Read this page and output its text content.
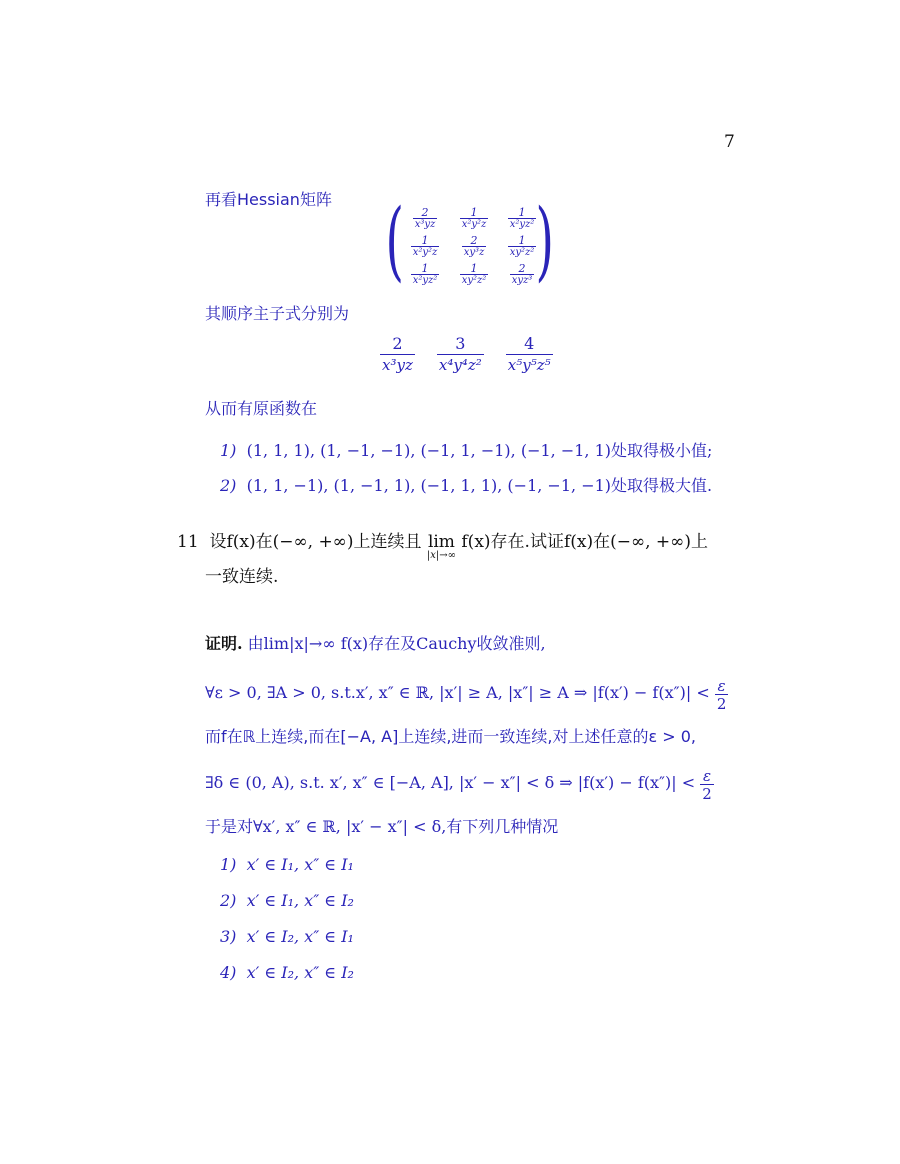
7
再看Hessian矩阵 (
$\frac{2}{\text{x³yz}} \frac{1}{\text{x²y²z}} \frac{1}{\text{x²yz²}}$
$\frac{1}{\text{x²y²z}} \frac{2}{\text{xy³z}} \frac{1}{\text{xy²z²}}$
$\frac{1}{\text{x²yz²}} \frac{1}{\text{xy²z²}} \frac{2}{\text{xyz³}}$
)
其顺序主子式分别为
$\frac{2}{\text{x³yz}} \frac{3}{\text{x⁴y⁴z²}} \frac{4}{\text{x⁵y⁵z⁵}}$
从而有原函数在
1) (1, 1, 1), (1, −1, −1), (−1, 1, −1), (−1, −1, 1)处取得极小值;
2) (1, 1, −1), (1, −1, 1), (−1, 1, 1), (−1, −1, −1)处取得极大值.
11 设f(x)在(−∞, +∞)上连续且 lim
|x|→∞
f(x)存在.试证f(x)在(−∞, +∞)上
一致连续.
证明. 由lim|x|→∞ f(x)存在及Cauchy收敛准则,
∀ε > 0, ∃A > 0, s.t.x′, x″ ∈ ℝ, |x′| ≥ A, |x″| ≥ A ⇒ $|f(x') - f(x'')| < \frac{\varepsilon}{2}$
而f在ℝ上连续,而在[−A, A]上连续,进而一致连续,对上述任意的ε > 0,
∃δ ∈ (0, A), s.t. x′, x″ ∈ [−A, A], |x′ − x″| < δ ⇒ $|f(x') - f(x'')| < \frac{\varepsilon}{2}$
于是对∀x′, x″ ∈ ℝ, |x′ − x″| < δ,有下列几种情况
1) x′ ∈ I₁, x″ ∈ I₁
2) x′ ∈ I₁, x″ ∈ I₂
3) x′ ∈ I₂, x″ ∈ I₁
4) x′ ∈ I₂, x″ ∈ I₂
